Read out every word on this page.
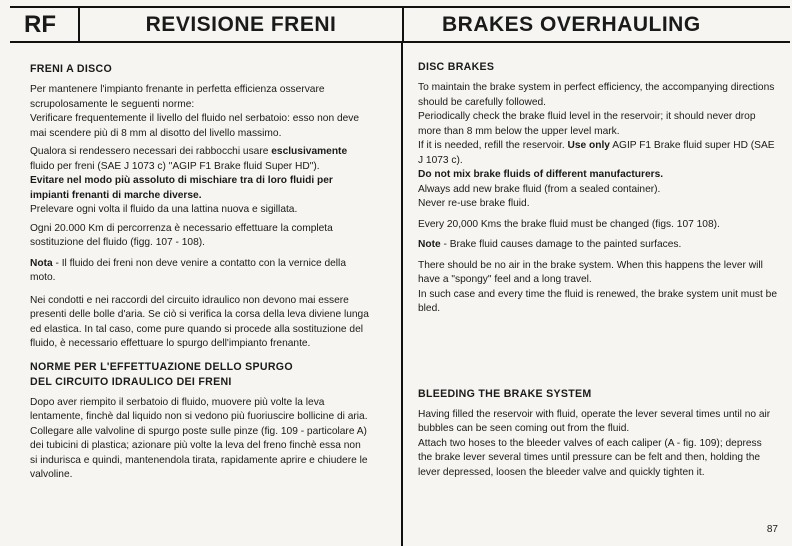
RF	REVISIONE FRENI	BRAKES OVERHAULING
FRENI A DISCO

Per mantenere l'impianto frenante in perfetta efficienza osservare scrupolosamente le seguenti norme:

Verificare frequentemente il livello del fluido nel serbatoio: esso non deve mai scendere più di 8 mm al disotto del livello massimo.

Qualora si rendessero necessari dei rabbocchi usare esclusivamente fluido per freni (SAE J 1073 c) "AGIP F1 Brake fluid Super HD").

Evitare nel modo più assoluto di mischiare tra di loro fluidi per impianti frenanti di marche diverse.

Prelevare ogni volta il fluido da una lattina nuova e sigillata.

Ogni 20.000 Km di percorrenza è necessario effettuare la completa sostituzione del fluido (figg. 107 - 108).

Nota - Il fluido dei freni non deve venire a contatto con la vernice della moto.

Nei condotti e nei raccordi del circuito idraulico non devono mai essere presenti delle bolle d'aria. Se ciò si verifica la corsa della leva diviene lunga ed elastica. In tal caso, come pure quando si procede alla sostituzione del fluido, è necessario effettuare lo spurgo dell'impianto frenante.

NORME PER L'EFFETTUAZIONE DELLO SPURGO
DEL CIRCUITO IDRAULICO DEI FRENI

Dopo aver riempito il serbatoio di fluido, muovere più volte la leva lentamente, finchè dal liquido non si vedono più fuoriuscire bollicine di aria.

Collegare alle valvoline di spurgo poste sulle pinze (fig. 109 - particolare A) dei tubicini di plastica; azionare più volte la leva del freno finchè essa non si indurisca e quindi, mantenendola tirata, rapidamente aprire e chiudere le valvoline.

DISC BRAKES

To maintain the brake system in perfect efficiency, the accompanying directions should be carefully followed.

Periodically check the brake fluid level in the reservoir; it should never drop more than 8 mm below the upper level mark.

If it is needed, refill the reservoir. Use only AGIP F1 Brake fluid super HD (SAE J 1073 c).

Do not mix brake fluids of different manufacturers.

Always add new brake fluid (from a sealed container).

Never re-use brake fluid.

Every 20,000 Kms the brake fluid must be changed (figs. 107 108).

Note - Brake fluid causes damage to the painted surfaces.

There should be no air in the brake system. When this happens the lever will have a "spongy" feel and a long travel.

In such case and every time the fluid is renewed, the brake system unit must be bled.

BLEEDING THE BRAKE SYSTEM

Having filled the reservoir with fluid, operate the lever several times until no air bubbles can be seen coming out from the fluid.

Attach two hoses to the bleeder valves of each caliper (A - fig. 109); depress the brake lever several times until pressure can be felt and then, holding the lever depressed, loosen the bleeder valve and quickly tighten it.

87
